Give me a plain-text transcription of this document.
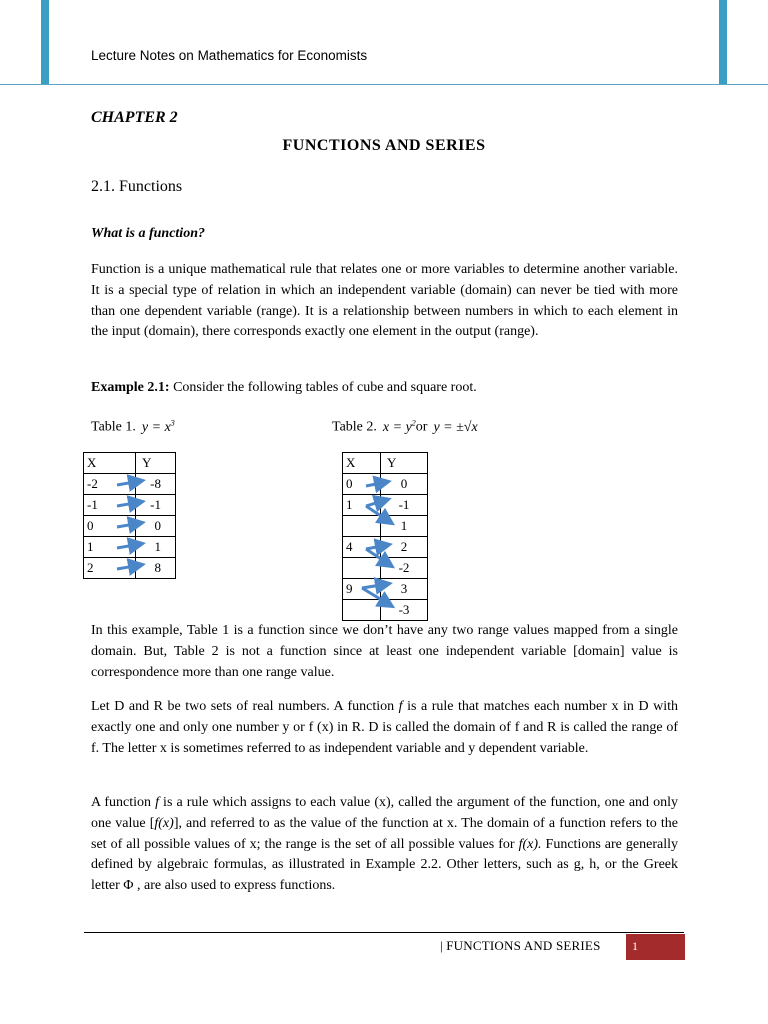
Lecture Notes on Mathematics for Economists
CHAPTER 2
FUNCTIONS AND SERIES
2.1. Functions
What is a function?

Function is a unique mathematical rule that relates one or more variables to determine another variable. It is a special type of relation in which an independent variable (domain) can never be tied with more than one dependent variable (range). It is a relationship between numbers in which to each element in the input (domain), there corresponds exactly one element in the output (range).

Example 2.1: Consider the following tables of cube and square root.

Table 1. $y = x^3$	Table 2. $x = y^2or$ y = ±√x
X	Y
-2	-8
-1	-1
0	0
1	1
2	8
X	Y
0	0
1	-1
	1
4	2
	-2
9	3
	-3

In this example, Table 1 is a function since we don’t have any two range values mapped from a single domain. But, Table 2 is not a function since at least one independent variable [domain] value is correspondence more than one range value.

Let D and R be two sets of real numbers. A function f is a rule that matches each number x in D with exactly one and only one number y or f (x) in R. D is called the domain of f and R is called the range of f. The letter x is sometimes referred to as independent variable and y dependent variable.

A function f is a rule which assigns to each value (x), called the argument of the function, one and only one value [f(x)], and referred to as the value of the function at x. The domain of a function refers to the set of all possible values of x; the range is the set of all possible values for f(x). Functions are generally defined by algebraic formulas, as illustrated in Example 2.2. Other letters, such as g, h, or the Greek letter Φ , are also used to express functions.

| FUNCTIONS AND SERIES	1
